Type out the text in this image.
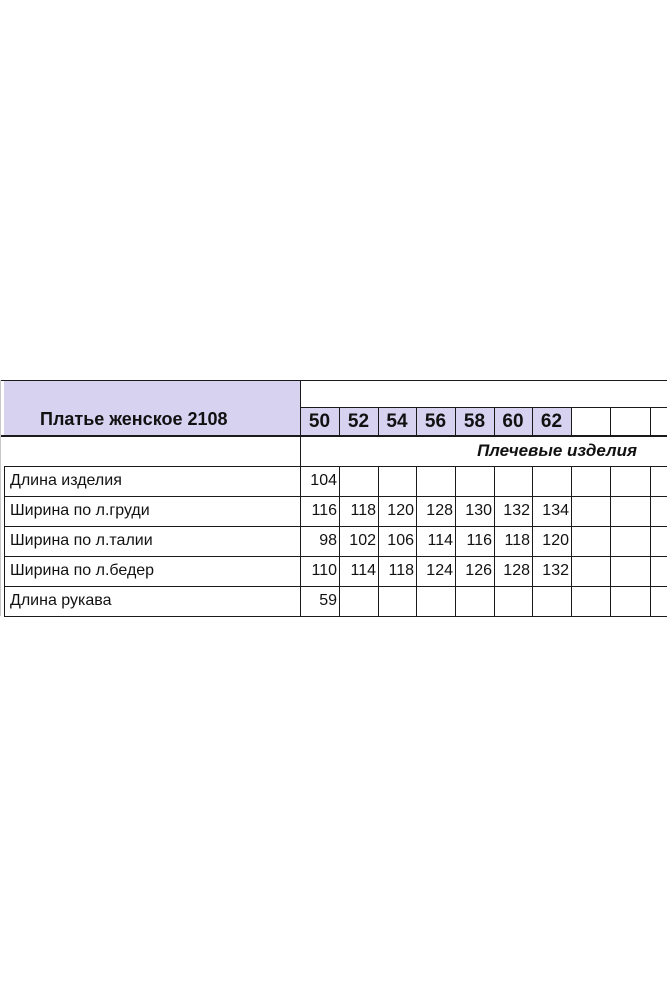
Платье женское 2108	50 52 54 56 58 60 62
Плечевые изделия
Длина изделия	104
Ширина по л.груди	116 118 120 128 130 132 134
Ширина по л.талии	98 102 106 114 116 118 120
Ширина по л.бедер	110 114 118 124 126 128 132
Длина рукава	59
